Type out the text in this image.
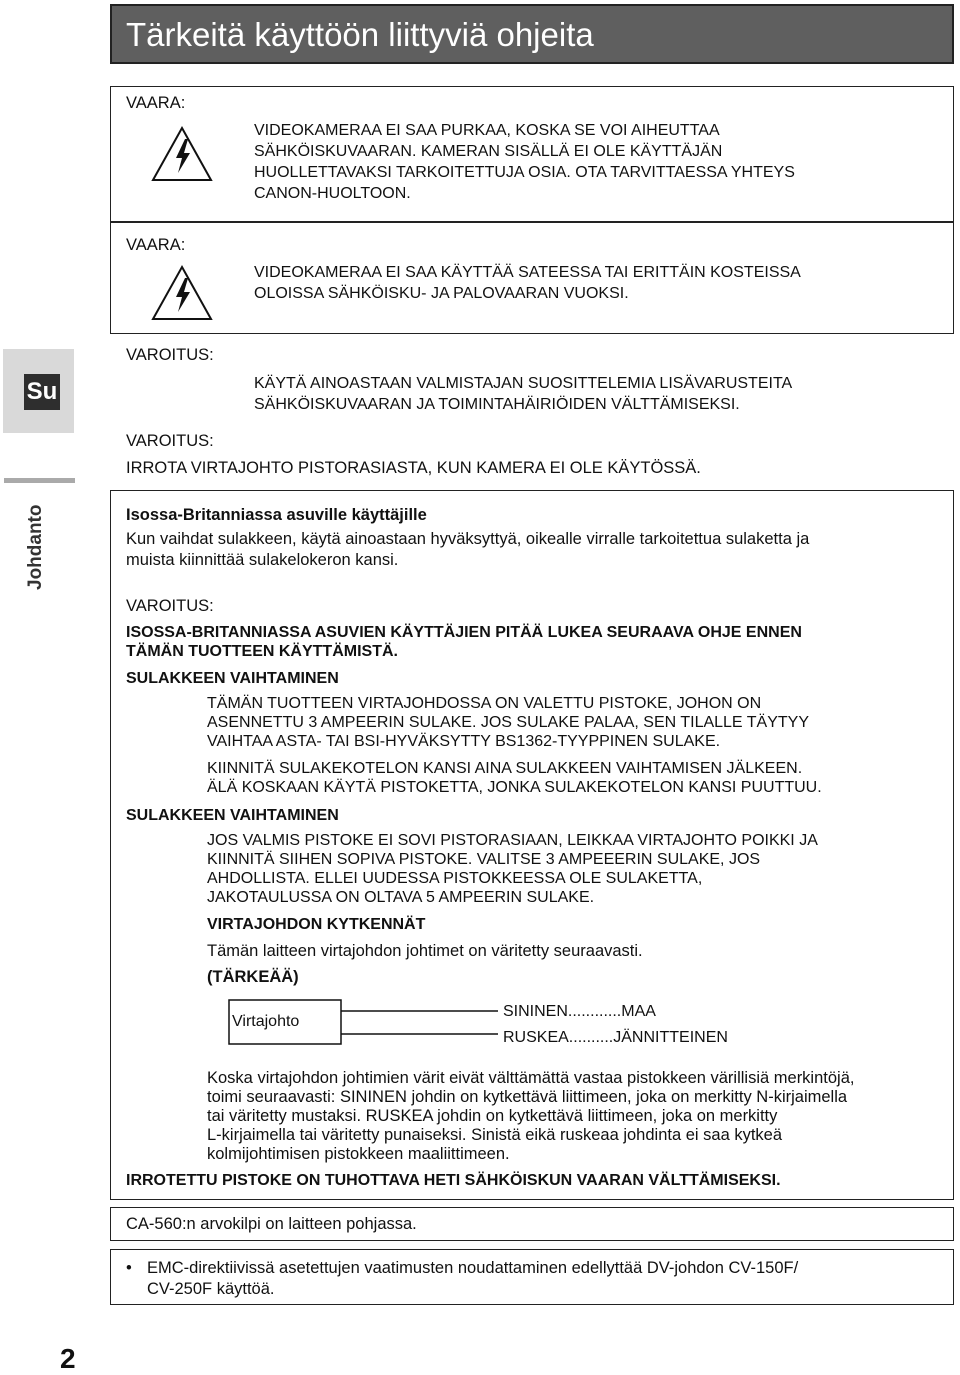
Tärkeitä käyttöön liittyviä ohjeita
Su
Johdanto
VAARA:
VIDEOKAMERAA EI SAA PURKAA, KOSKA SE VOI AIHEUTTAA
SÄHKÖISKUVAARAN. KAMERAN SISÄLLÄ EI OLE KÄYTTÄJÄN
HUOLLETTAVAKSI TARKOITETTUJA OSIA. OTA TARVITTAESSA YHTEYS
CANON-HUOLTOON.
VAARA:
VIDEOKAMERAA EI SAA KÄYTTÄÄ SATEESSA TAI ERITTÄIN KOSTEISSA
OLOISSA SÄHKÖISKU- JA PALOVAARAN VUOKSI.
VAROITUS:
KÄYTÄ AINOASTAAN VALMISTAJAN SUOSITTELEMIA LISÄVARUSTEITA
SÄHKÖISKUVAARAN JA TOIMINTAHÄIRIÖIDEN VÄLTTÄMISEKSI.
VAROITUS:
IRROTA VIRTAJOHTO PISTORASIASTA, KUN KAMERA EI OLE KÄYTÖSSÄ.
Isossa-Britanniassa asuville käyttäjille
Kun vaihdat sulakkeen, käytä ainoastaan hyväksyttyä, oikealle virralle tarkoitettua sulaketta ja
muista kiinnittää sulakelokeron kansi.
VAROITUS:
ISOSSA-BRITANNIASSA ASUVIEN KÄYTTÄJIEN PITÄÄ LUKEA SEURAAVA OHJE ENNEN
TÄMÄN TUOTTEEN KÄYTTÄMISTÄ.
SULAKKEEN VAIHTAMINEN
TÄMÄN TUOTTEEN VIRTAJOHDOSSA ON VALETTU PISTOKE, JOHON ON
ASENNETTU 3 AMPEERIN SULAKE. JOS SULAKE PALAA, SEN TILALLE TÄYTYY
VAIHTAA ASTA- TAI BSI-HYVÄKSYTTY BS1362-TYYPPINEN SULAKE.
KIINNITÄ SULAKEKOTELON KANSI AINA SULAKKEEN VAIHTAMISEN JÄLKEEN.
ÄLÄ KOSKAAN KÄYTÄ PISTOKETTA, JONKA SULAKEKOTELON KANSI PUUTTUU.
SULAKKEEN VAIHTAMINEN
JOS VALMIS PISTOKE EI SOVI PISTORASIAAN, LEIKKAA VIRTAJOHTO POIKKI JA
KIINNITÄ SIIHEN SOPIVA PISTOKE. VALITSE 3 AMPEEERIN SULAKE, JOS
AHDOLLISTA. ELLEI UUDESSA PISTOKKEESSA OLE SULAKETTA,
JAKOTAULUSSA ON OLTAVA 5 AMPEERIN SULAKE.
VIRTAJOHDON KYTKENNÄT
Tämän laitteen virtajohdon johtimet on väritetty seuraavasti.
(TÄRKEÄÄ)
Virtajohto
SININEN............MAA
RUSKEA..........JÄNNITTEINEN
Koska virtajohdon johtimien värit eivät välttämättä vastaa pistokkeen värillisiä merkintöjä,
toimi seuraavasti: SININEN johdin on kytkettävä liittimeen, joka on merkitty N-kirjaimella
tai väritetty mustaksi. RUSKEA johdin on kytkettävä liittimeen, joka on merkitty
L-kirjaimella tai väritetty punaiseksi. Sinistä eikä ruskeaa johdinta ei saa kytkeä
kolmijohtimisen pistokkeen maaliittimeen.
IRROTETTU PISTOKE ON TUHOTTAVA HETI SÄHKÖISKUN VAARAN VÄLTTÄMISEKSI.
CA-560:n arvokilpi on laitteen pohjassa.
• EMC-direktiivissä asetettujen vaatimusten noudattaminen edellyttää DV-johdon CV-150F/
CV-250F käyttöä.
2
